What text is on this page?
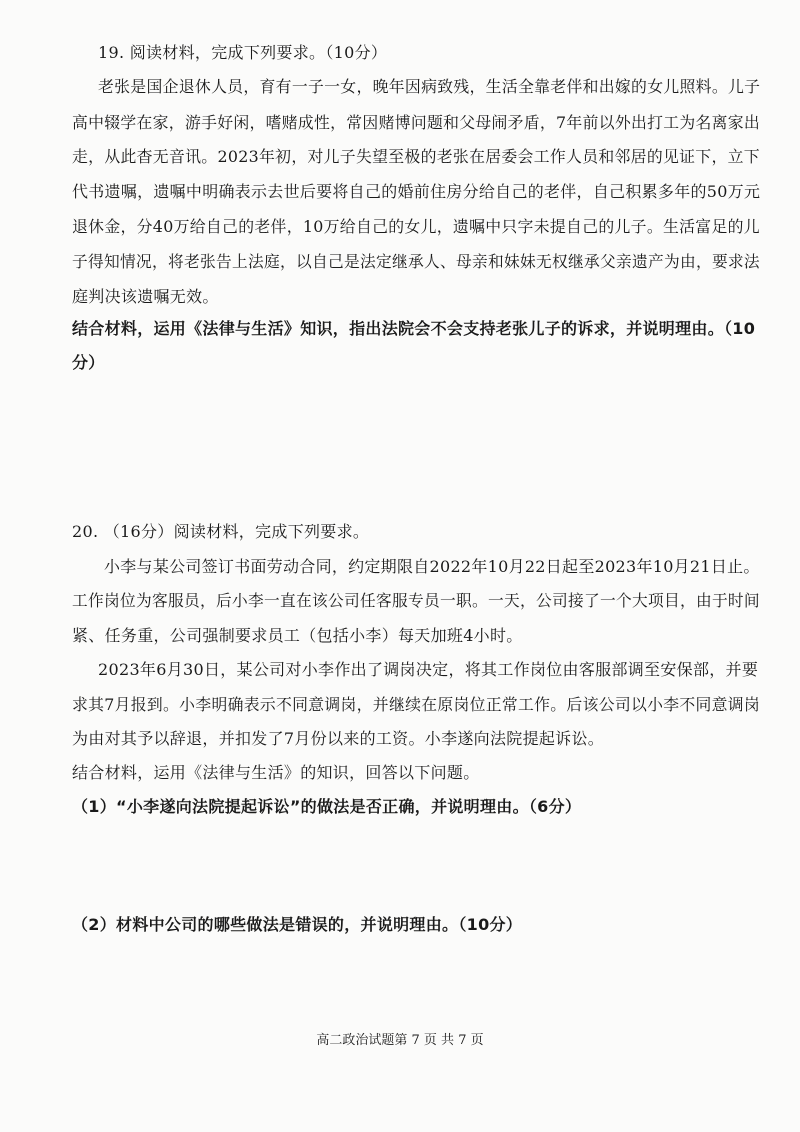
19. 阅读材料，完成下列要求。（10分）
老张是国企退休人员，育有一子一女，晚年因病致残，生活全靠老伴和出嫁的女儿照料。儿子
高中辍学在家，游手好闲，嗜赌成性，常因赌博问题和父母闹矛盾，7年前以外出打工为名离家出
走，从此杳无音讯。2023年初，对儿子失望至极的老张在居委会工作人员和邻居的见证下，立下
代书遗嘱，遗嘱中明确表示去世后要将自己的婚前住房分给自己的老伴，自己积累多年的50万元
退休金，分40万给自己的老伴，10万给自己的女儿，遗嘱中只字未提自己的儿子。生活富足的儿
子得知情况，将老张告上法庭，以自己是法定继承人、母亲和妹妹无权继承父亲遗产为由，要求法
庭判决该遗嘱无效。
结合材料，运用《法律与生活》知识，指出法院会不会支持老张儿子的诉求，并说明理由。（10
分）
20. （16分）阅读材料，完成下列要求。
小李与某公司签订书面劳动合同，约定期限自2022年10月22日起至2023年10月21日止。
工作岗位为客服员，后小李一直在该公司任客服专员一职。一天，公司接了一个大项目，由于时间
紧、任务重，公司强制要求员工（包括小李）每天加班4小时。
2023年6月30日，某公司对小李作出了调岗决定，将其工作岗位由客服部调至安保部，并要
求其7月报到。小李明确表示不同意调岗，并继续在原岗位正常工作。后该公司以小李不同意调岗
为由对其予以辞退，并扣发了7月份以来的工资。小李遂向法院提起诉讼。
结合材料，运用《法律与生活》的知识，回答以下问题。
（1）“小李遂向法院提起诉讼”的做法是否正确，并说明理由。（6分）
（2）材料中公司的哪些做法是错误的，并说明理由。（10分）
高二政治试题第 7 页 共 7 页
